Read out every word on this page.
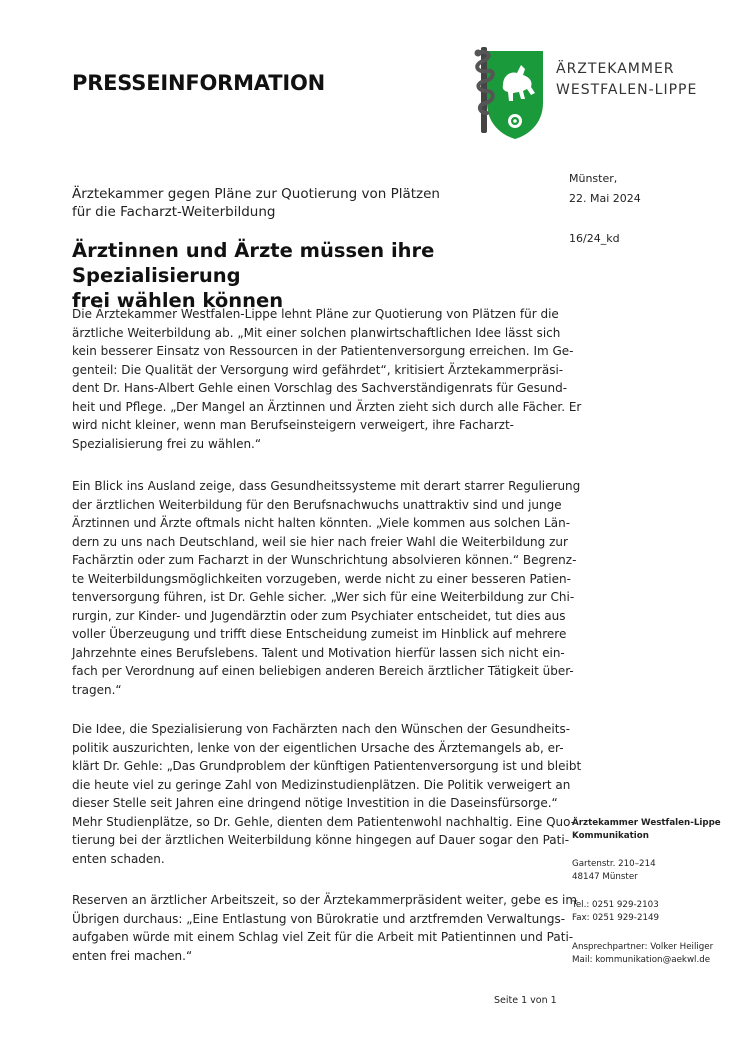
PRESSEINFORMATION
ÄRZTEKAMMER
WESTFALEN-LIPPE
Münster,
22. Mai 2024
16/24_kd
Ärztekammer gegen Pläne zur Quotierung von Plätzen
für die Facharzt-Weiterbildung
Ärztinnen und Ärzte müssen ihre Spezialisierung
frei wählen können
Die Ärztekammer Westfalen-Lippe lehnt Pläne zur Quotierung von Plätzen für die
ärztliche Weiterbildung ab. „Mit einer solchen planwirtschaftlichen Idee lässt sich
kein besserer Einsatz von Ressourcen in der Patientenversorgung erreichen. Im Ge-
genteil: Die Qualität der Versorgung wird gefährdet“, kritisiert Ärztekammerpräsi-
dent Dr. Hans-Albert Gehle einen Vorschlag des Sachverständigenrats für Gesund-
heit und Pflege. „Der Mangel an Ärztinnen und Ärzten zieht sich durch alle Fächer. Er
wird nicht kleiner, wenn man Berufseinsteigern verweigert, ihre Facharzt-
Spezialisierung frei zu wählen.“
Ein Blick ins Ausland zeige, dass Gesundheitssysteme mit derart starrer Regulierung
der ärztlichen Weiterbildung für den Berufsnachwuchs unattraktiv sind und junge
Ärztinnen und Ärzte oftmals nicht halten könnten. „Viele kommen aus solchen Län-
dern zu uns nach Deutschland, weil sie hier nach freier Wahl die Weiterbildung zur
Fachärztin oder zum Facharzt in der Wunschrichtung absolvieren können.“ Begrenz-
te Weiterbildungsmöglichkeiten vorzugeben, werde nicht zu einer besseren Patien-
tenversorgung führen, ist Dr. Gehle sicher. „Wer sich für eine Weiterbildung zur Chi-
rurgin, zur Kinder- und Jugendärztin oder zum Psychiater entscheidet, tut dies aus
voller Überzeugung und trifft diese Entscheidung zumeist im Hinblick auf mehrere
Jahrzehnte eines Berufslebens. Talent und Motivation hierfür lassen sich nicht ein-
fach per Verordnung auf einen beliebigen anderen Bereich ärztlicher Tätigkeit über-
tragen.“
Die Idee, die Spezialisierung von Fachärzten nach den Wünschen der Gesundheits-
politik auszurichten, lenke von der eigentlichen Ursache des Ärztemangels ab, er-
klärt Dr. Gehle: „Das Grundproblem der künftigen Patientenversorgung ist und bleibt
die heute viel zu geringe Zahl von Medizinstudienplätzen. Die Politik verweigert an
dieser Stelle seit Jahren eine dringend nötige Investition in die Daseinsfürsorge.“
Mehr Studienplätze, so Dr. Gehle, dienten dem Patientenwohl nachhaltig. Eine Quo-
tierung bei der ärztlichen Weiterbildung könne hingegen auf Dauer sogar den Pati-
enten schaden.
Reserven an ärztlicher Arbeitszeit, so der Ärztekammerpräsident weiter, gebe es im
Übrigen durchaus: „Eine Entlastung von Bürokratie und arztfremden Verwaltungs-
aufgaben würde mit einem Schlag viel Zeit für die Arbeit mit Patientinnen und Pati-
enten frei machen.“
Ärztekammer Westfalen-Lippe
Kommunikation
Gartenstr. 210–214
48147 Münster
Tel.: 0251 929-2103
Fax: 0251 929-2149
Ansprechpartner: Volker Heiliger
Mail: kommunikation@aekwl.de
Seite 1 von 1
